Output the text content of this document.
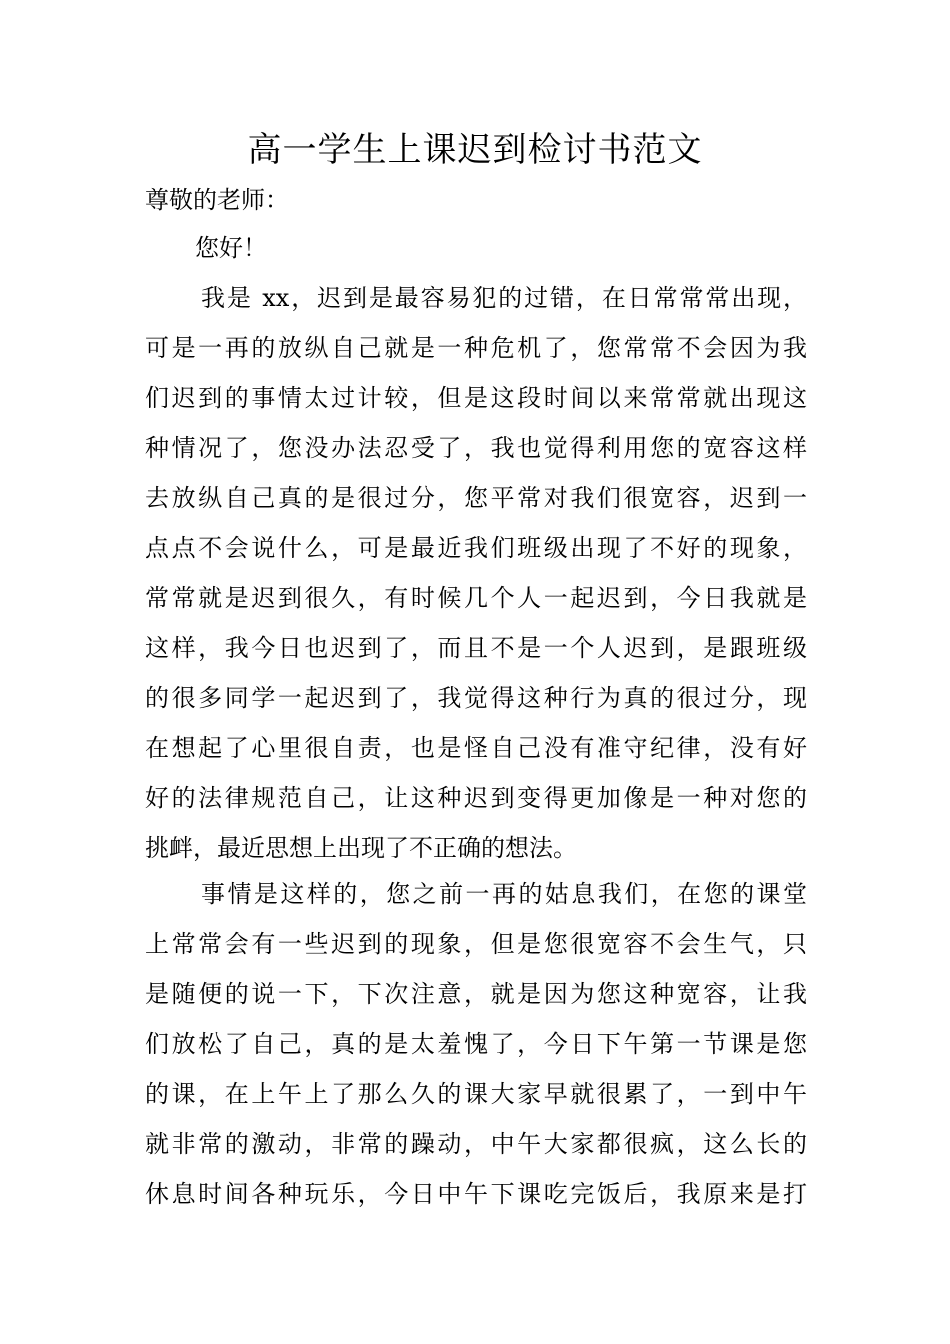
高一学生上课迟到检讨书范文

尊敬的老师：

您好！

我是 xx，迟到是最容易犯的过错，在日常常常出现，
可是一再的放纵自己就是一种危机了，您常常不会因为我
们迟到的事情太过计较，但是这段时间以来常常就出现这
种情况了，您没办法忍受了，我也觉得利用您的宽容这样
去放纵自己真的是很过分，您平常对我们很宽容，迟到一
点点不会说什么，可是最近我们班级出现了不好的现象，
常常就是迟到很久，有时候几个人一起迟到，今日我就是
这样，我今日也迟到了，而且不是一个人迟到，是跟班级
的很多同学一起迟到了，我觉得这种行为真的很过分，现
在想起了心里很自责，也是怪自己没有准守纪律，没有好
好的法律规范自己，让这种迟到变得更加像是一种对您的
挑衅，最近思想上出现了不正确的想法。
事情是这样的，您之前一再的姑息我们，在您的课堂
上常常会有一些迟到的现象，但是您很宽容不会生气，只
是随便的说一下，下次注意，就是因为您这种宽容，让我
们放松了自己，真的是太羞愧了，今日下午第一节课是您
的课，在上午上了那么久的课大家早就很累了，一到中午
就非常的激动，非常的躁动，中午大家都很疯，这么长的
休息时间各种玩乐，今日中午下课吃完饭后，我原来是打
